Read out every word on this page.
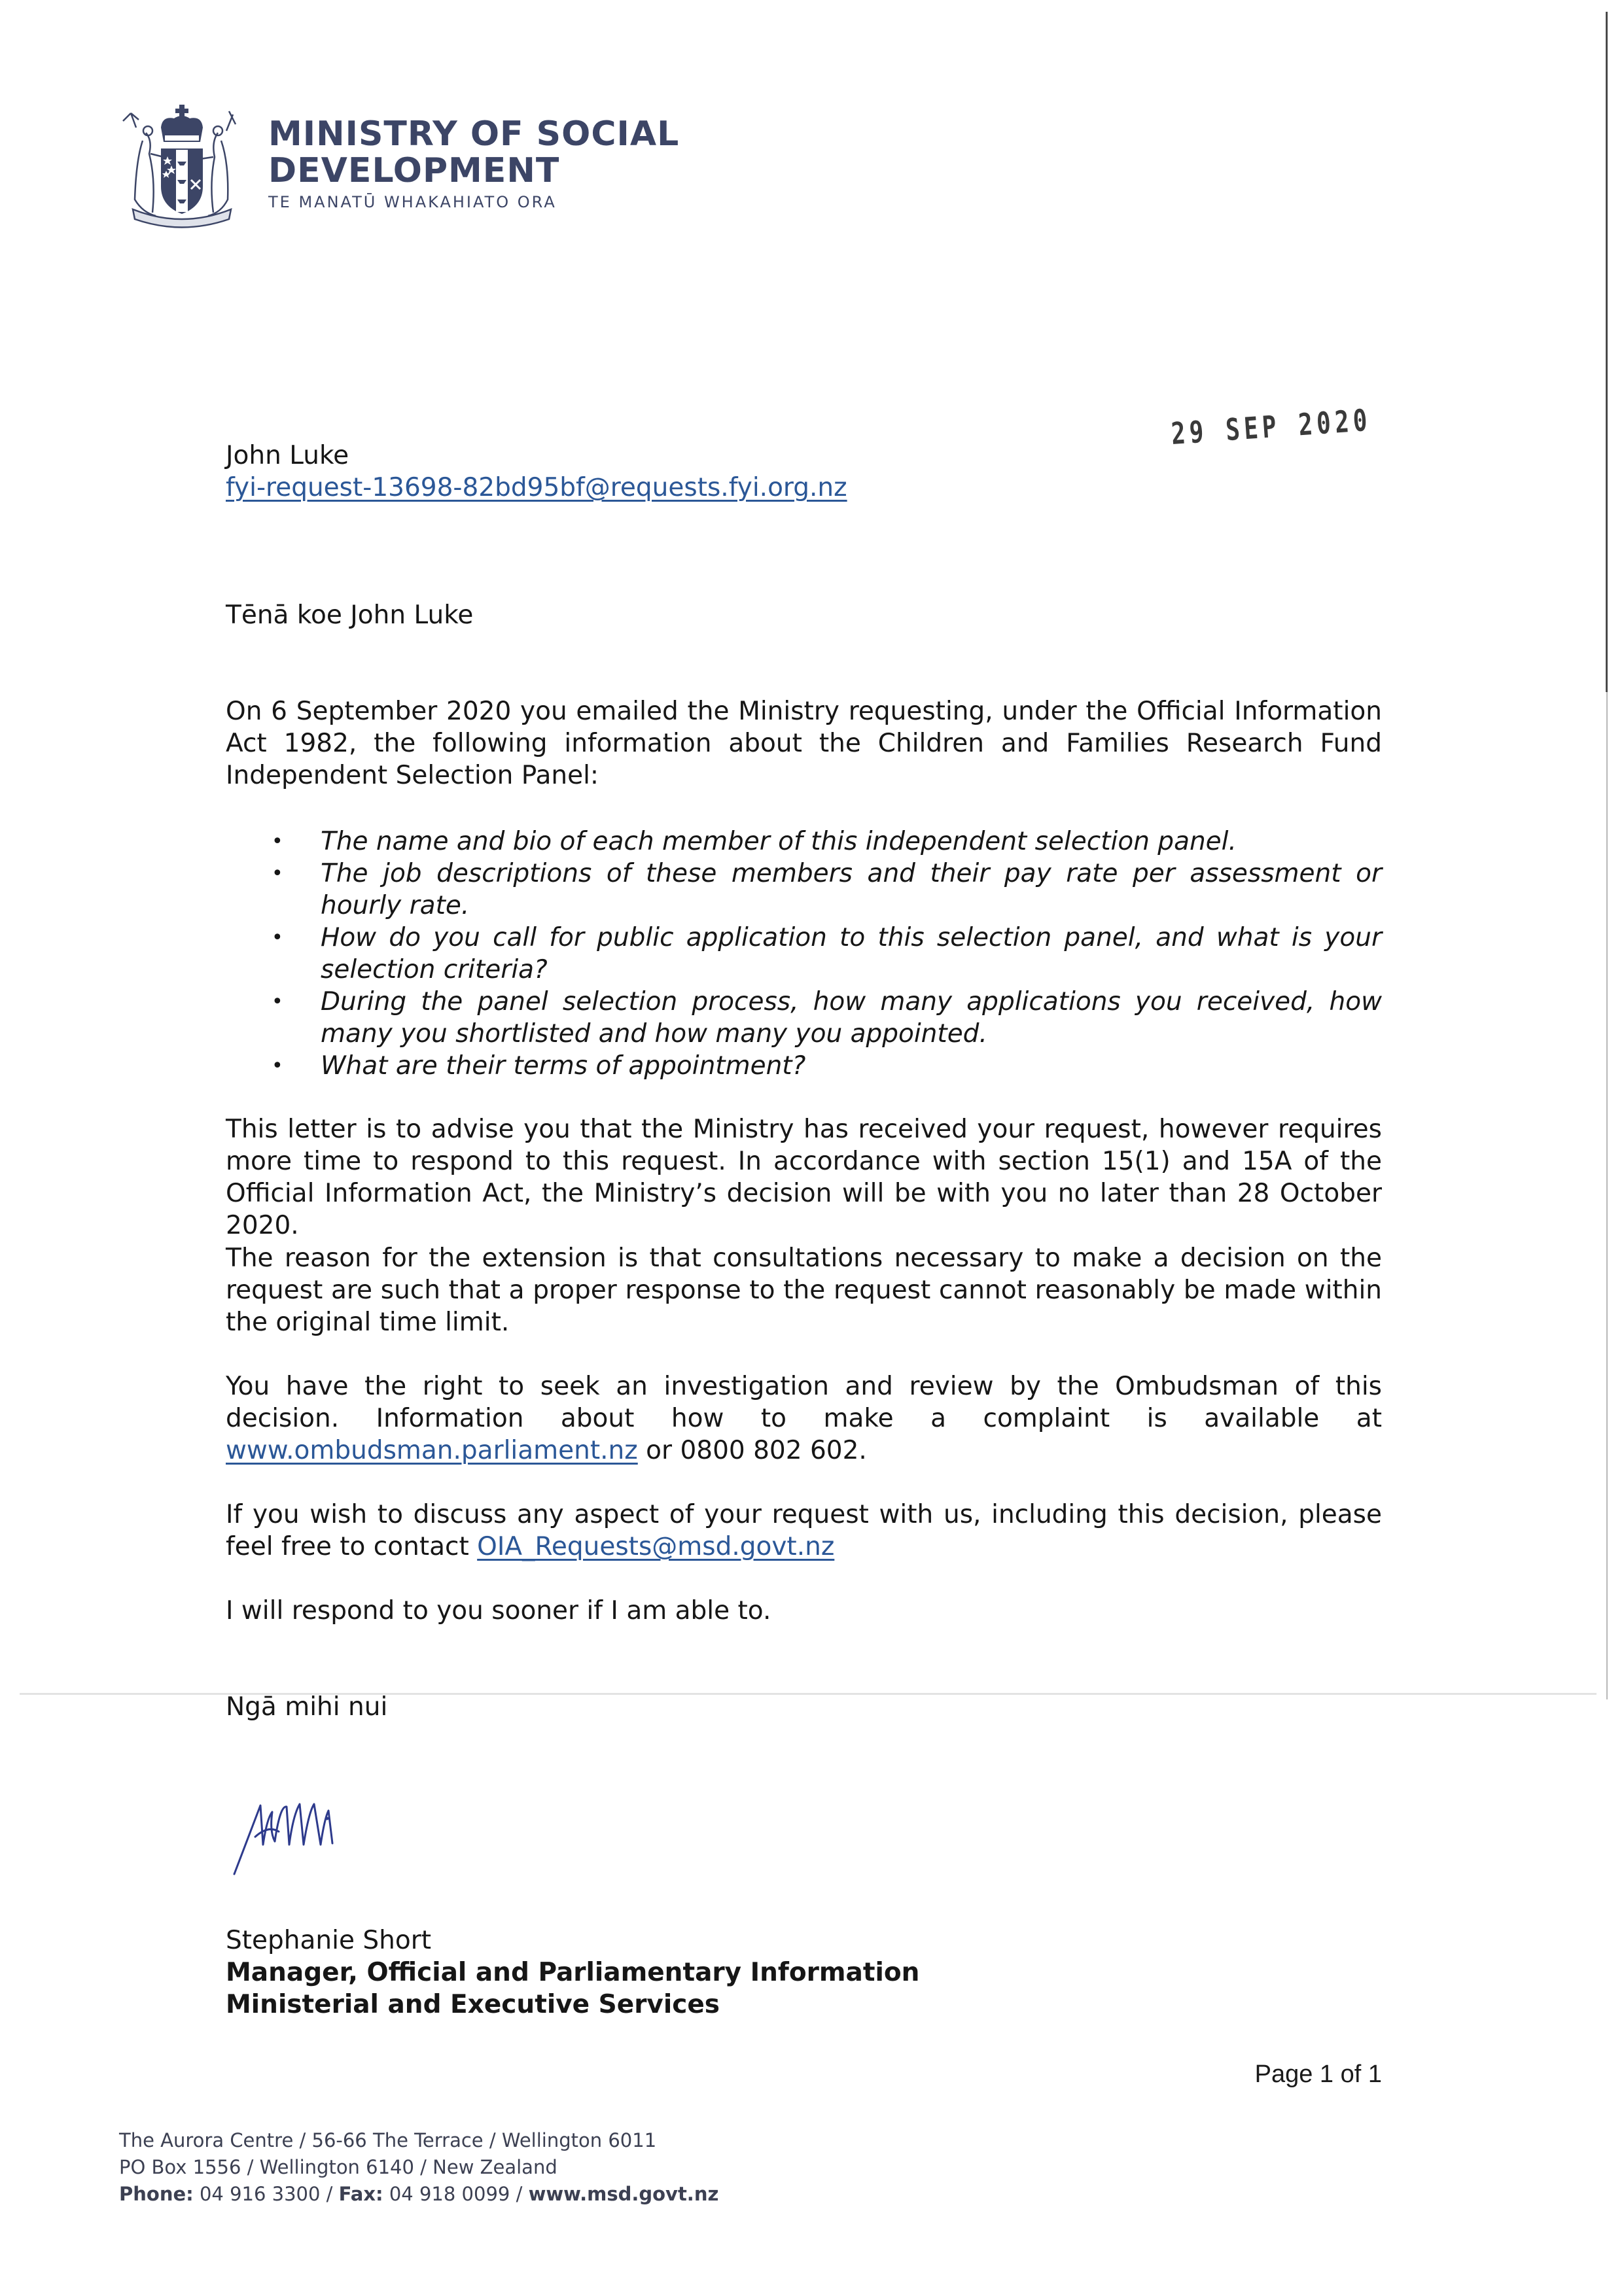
MINISTRY OF SOCIAL
DEVELOPMENT
TE MANATŪ WHAKAHIATO ORA
29 SEP 2020
John Luke
fyi-request-13698-82bd95bf@requests.fyi.org.nz
Tēnā koe John Luke
On 6 September 2020 you emailed the Ministry requesting, under the Official Information Act 1982, the following information about the Children and Families Research Fund Independent Selection Panel:
• The name and bio of each member of this independent selection panel.
• The job descriptions of these members and their pay rate per assessment or hourly rate.
• How do you call for public application to this selection panel, and what is your selection criteria?
• During the panel selection process, how many applications you received, how many you shortlisted and how many you appointed.
• What are their terms of appointment?
This letter is to advise you that the Ministry has received your request, however requires more time to respond to this request. In accordance with section 15(1) and 15A of the Official Information Act, the Ministry’s decision will be with you no later than 28 October 2020.
The reason for the extension is that consultations necessary to make a decision on the request are such that a proper response to the request cannot reasonably be made within the original time limit.
You have the right to seek an investigation and review by the Ombudsman of this decision. Information about how to make a complaint is available at www.ombudsman.parliament.nz or 0800 802 602.
If you wish to discuss any aspect of your request with us, including this decision, please feel free to contact OIA_Requests@msd.govt.nz
I will respond to you sooner if I am able to.
Ngā mihi nui
Stephanie Short
Manager, Official and Parliamentary Information
Ministerial and Executive Services
Page 1 of 1
The Aurora Centre / 56-66 The Terrace / Wellington 6011
PO Box 1556 / Wellington 6140 / New Zealand
Phone: 04 916 3300 / Fax: 04 918 0099 / www.msd.govt.nz
